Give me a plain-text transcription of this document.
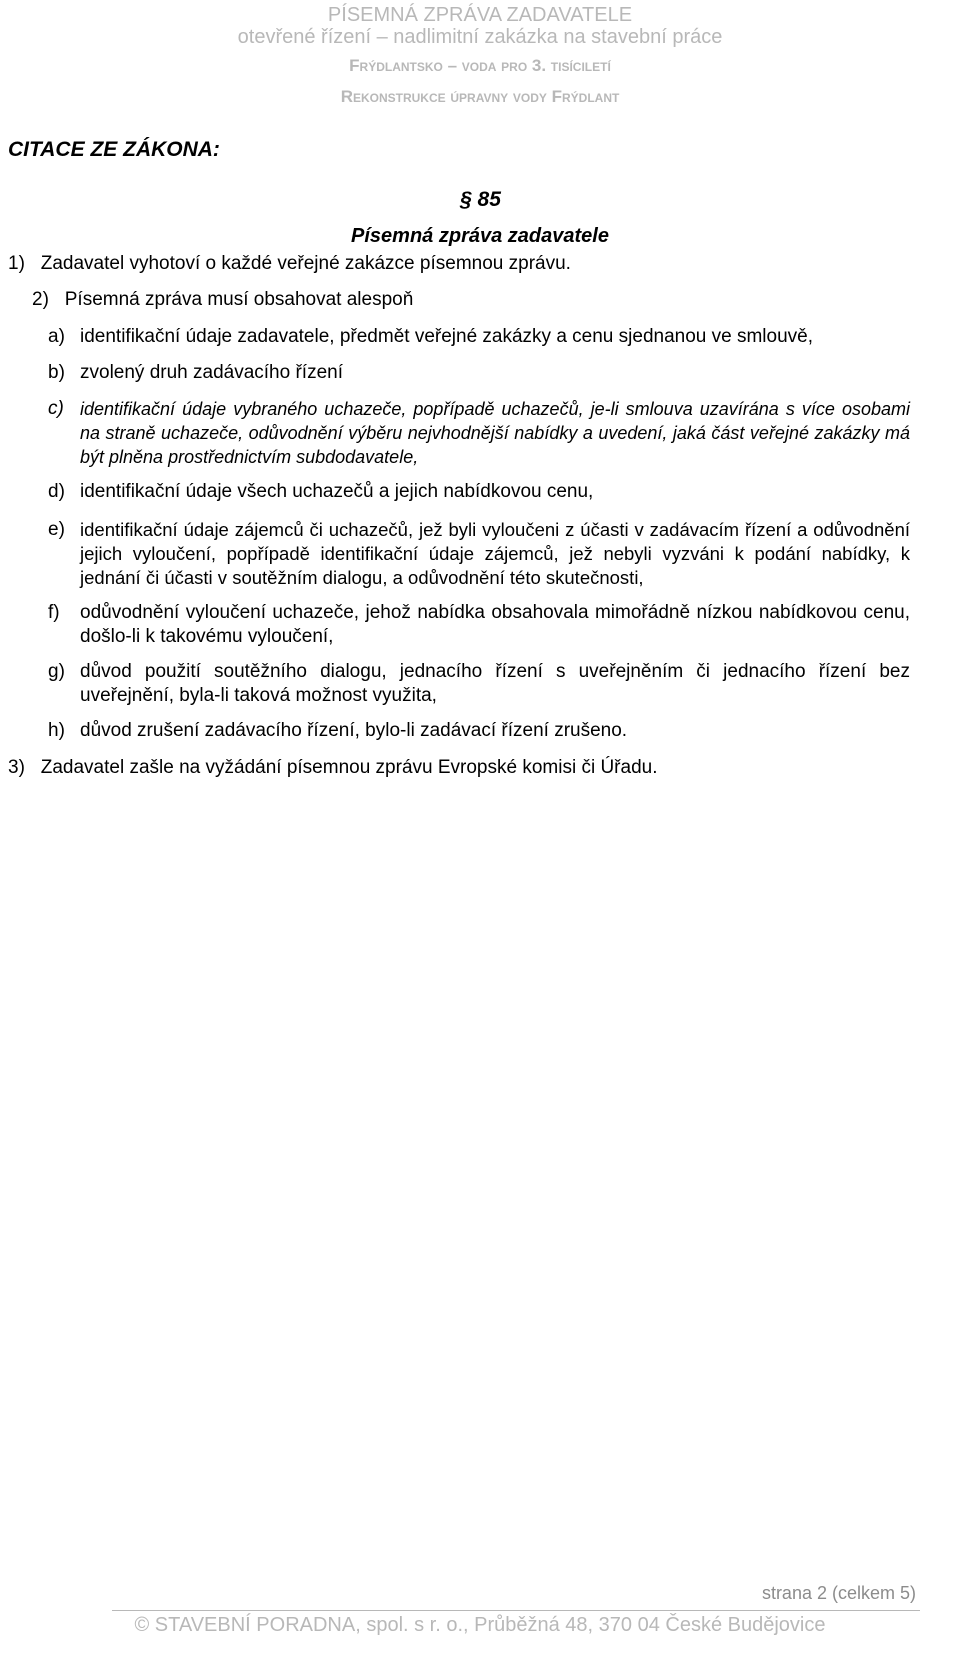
PÍSEMNÁ ZPRÁVA ZADAVATELE
otevřené řízení – nadlimitní zakázka na stavební práce
Frýdlantsko – voda pro 3. tisíciletí
Rekonstrukce úpravny vody Frýdlant
CITACE ZE ZÁKONA:
§ 85
Písemná zpráva zadavatele
1) Zadavatel vyhotoví o každé veřejné zakázce písemnou zprávu.
2) Písemná zpráva musí obsahovat alespoň
a) identifikační údaje zadavatele, předmět veřejné zakázky a cenu sjednanou ve smlouvě,
b) zvolený druh zadávacího řízení
c) identifikační údaje vybraného uchazeče, popřípadě uchazečů, je-li smlouva uzavírána s více osobami na straně uchazeče, odůvodnění výběru nejvhodnější nabídky a uvedení, jaká část veřejné zakázky má být plněna prostřednictvím subdodavatele,
d) identifikační údaje všech uchazečů a jejich nabídkovou cenu,
e) identifikační údaje zájemců či uchazečů, jež byli vyloučeni z účasti v zadávacím řízení a odůvodnění jejich vyloučení, popřípadě identifikační údaje zájemců, jež nebyli vyzváni k podání nabídky, k jednání či účasti v soutěžním dialogu, a odůvodnění této skutečnosti,
f) odůvodnění vyloučení uchazeče, jehož nabídka obsahovala mimořádně nízkou nabídkovou cenu, došlo-li k takovému vyloučení,
g) důvod použití soutěžního dialogu, jednacího řízení s uveřejněním či jednacího řízení bez uveřejnění, byla-li taková možnost využita,
h) důvod zrušení zadávacího řízení, bylo-li zadávací řízení zrušeno.
3) Zadavatel zašle na vyžádání písemnou zprávu Evropské komisi či Úřadu.
strana 2 (celkem 5)
© STAVEBNÍ PORADNA, spol. s r. o., Průběžná 48, 370 04 České Budějovice
